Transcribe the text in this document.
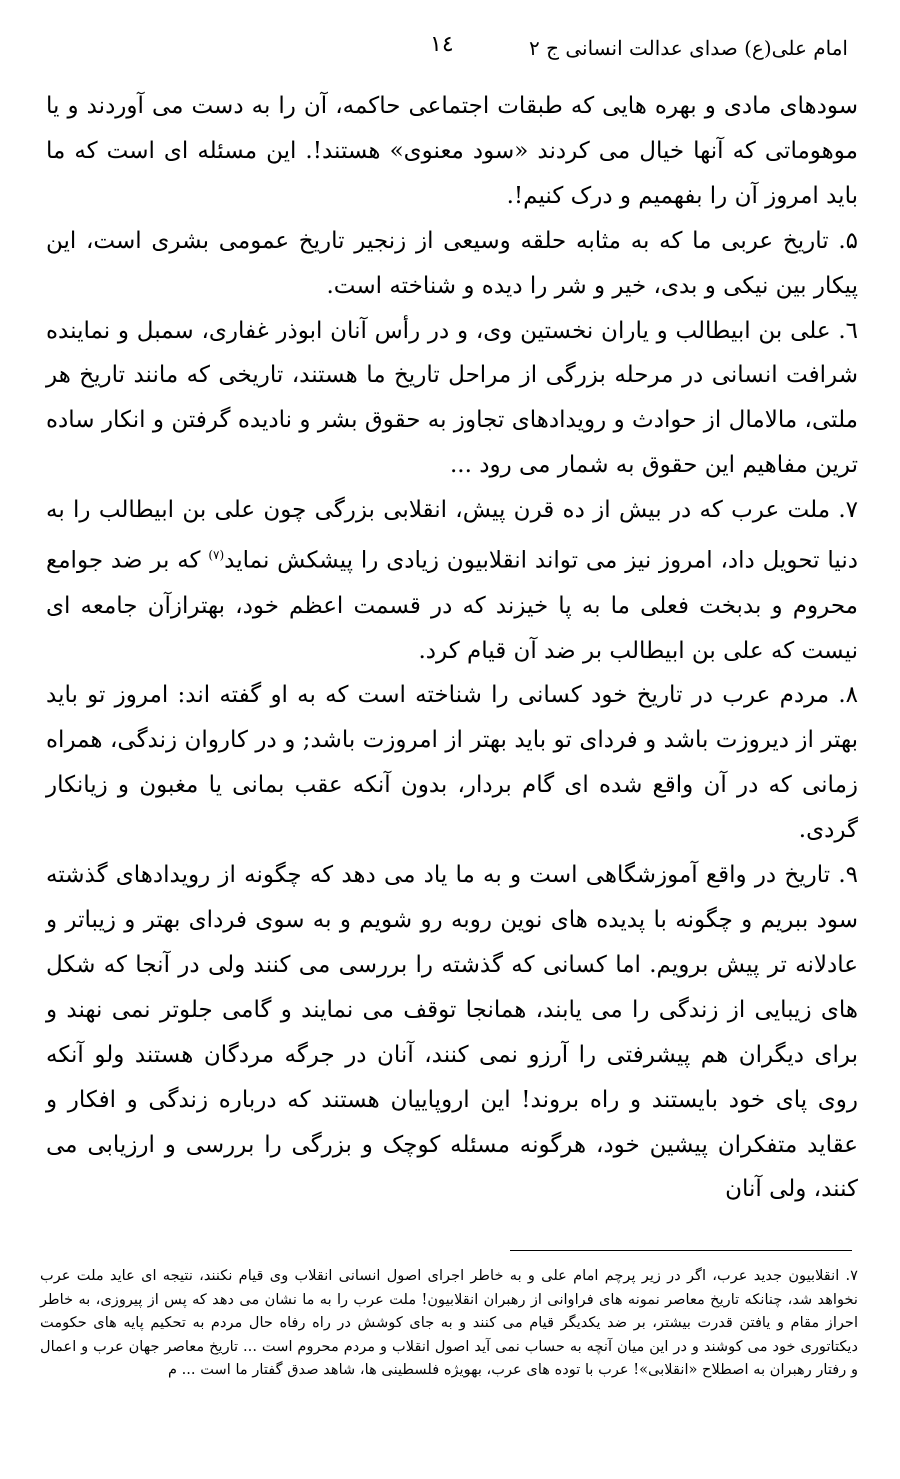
امام علی(ع) صدای عدالت انسانی ج ۲
۱٤

سودهای مادی و بهره هایی که طبقات اجتماعی حاکمه، آن را به دست می آوردند و یا موهوماتی که آنها خیال می کردند «سود معنوی» هستند!. این مسئله ای است که ما باید امروز آن را بفهمیم و درک کنیم!.

۵. تاریخ عربی ما که به مثابه حلقه وسیعی از زنجیر تاریخ عمومی بشری است، این پیکار بین نیکی و بدی، خیر و شر را دیده و شناخته است.

٦. علی بن ابیطالب و یاران نخستین وی، و در رأس آنان ابوذر غفاری، سمبل و نماینده شرافت انسانی در مرحله بزرگی از مراحل تاریخ ما هستند، تاریخی که مانند تاریخ هر ملتی، مالامال از حوادث و رویدادهای تجاوز به حقوق بشر و نادیده گرفتن و انکار ساده ترین مفاهیم این حقوق به شمار می رود ...

۷. ملت عرب که در بیش از ده قرن پیش، انقلابی بزرگی چون علی بن ابیطالب را به دنیا تحویل داد، امروز نیز می تواند انقلابیون زیادی را پیشکش نماید$^{(۷)}$ که بر ضد جوامع محروم و بدبخت فعلی ما به پا خیزند که در قسمت اعظم خود، بهترازآن جامعه ای نیست که علی بن ابیطالب بر ضد آن قیام کرد.

۸. مردم عرب در تاریخ خود کسانی را شناخته است که به او گفته اند: امروز تو باید بهتر از دیروزت باشد و فردای تو باید بهتر از امروزت باشد; و در کاروان زندگی، همراه زمانی که در آن واقع شده ای گام بردار، بدون آنکه عقب بمانی یا مغبون و زیانکار گردی.

۹. تاریخ در واقع آموزشگاهی است و به ما یاد می دهد که چگونه از رویدادهای گذشته سود ببریم و چگونه با پدیده های نوین روبه رو شویم و به سوی فردای بهتر و زیباتر و عادلانه تر پیش برویم. اما کسانی که گذشته را بررسی می کنند ولی در آنجا که شکل های زیبایی از زندگی را می یابند، همانجا توقف می نمایند و گامی جلوتر نمی نهند و برای دیگران هم پیشرفتی را آرزو نمی کنند، آنان در جرگه مردگان هستند ولو آنکه روی پای خود بایستند و راه بروند! این اروپاییان هستند که درباره زندگی و افکار و عقاید متفکران پیشین خود، هرگونه مسئله کوچک و بزرگی را بررسی و ارزیابی می کنند، ولی آنان

۷. انقلابیون جدید عرب، اگر در زیر پرچم امام علی و به خاطر اجرای اصول انسانی انقلاب وی قیام نکنند، نتیجه ای عاید ملت عرب نخواهد شد، چنانکه تاریخ معاصر نمونه های فراوانی از رهبران انقلابیون! ملت عرب را به ما نشان می دهد که پس از پیروزی، به خاطر احراز مقام و یافتن قدرت بیشتر، بر ضد یکدیگر قیام می کنند و به جای کوشش در راه رفاه حال مردم به تحکیم پایه های حکومت دیکتاتوری خود می کوشند و در این میان آنچه به حساب نمی آید اصول انقلاب و مردم محروم است ... تاریخ معاصر جهان عرب و اعمال و رفتار رهبران به اصطلاح «انقلابی»! عرب با توده های عرب، بهویژه فلسطینی ها، شاهد صدق گفتار ما است ... م
